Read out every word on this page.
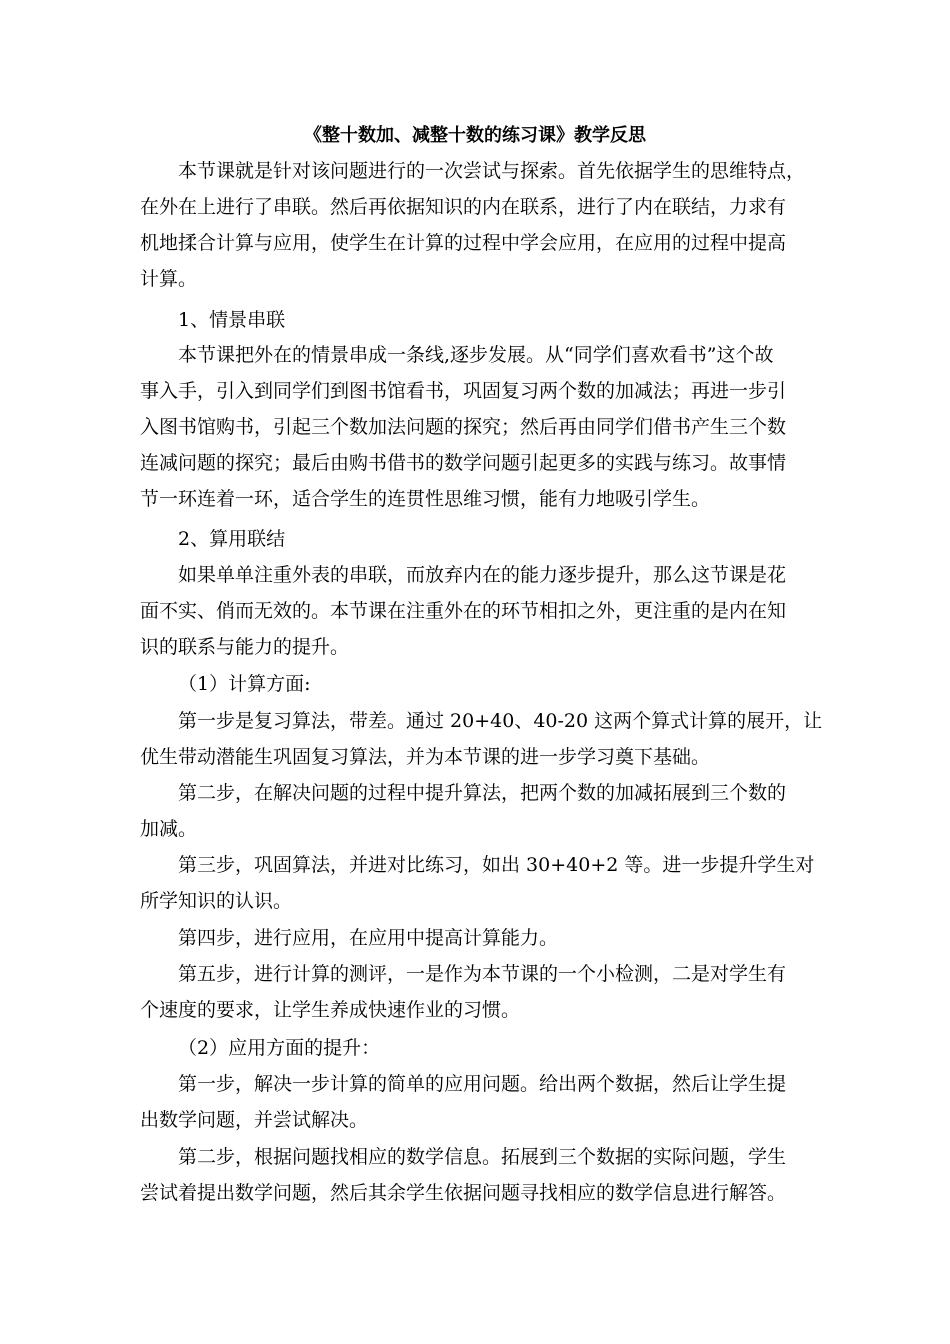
《整十数加、减整十数的练习课》教学反思
本节课就是针对该问题进行的一次尝试与探索。首先依据学生的思维特点，
在外在上进行了串联。然后再依据知识的内在联系，进行了内在联结，力求有
机地揉合计算与应用，使学生在计算的过程中学会应用，在应用的过程中提高
计算。
1、情景串联
本节课把外在的情景串成一条线,逐步发展。从“同学们喜欢看书”这个故
事入手，引入到同学们到图书馆看书，巩固复习两个数的加减法；再进一步引
入图书馆购书，引起三个数加法问题的探究；然后再由同学们借书产生三个数
连减问题的探究；最后由购书借书的数学问题引起更多的实践与练习。故事情
节一环连着一环，适合学生的连贯性思维习惯，能有力地吸引学生。
2、算用联结
如果单单注重外表的串联，而放弃内在的能力逐步提升，那么这节课是花
面不实、俏而无效的。本节课在注重外在的环节相扣之外，更注重的是内在知
识的联系与能力的提升。
（1）计算方面:
第一步是复习算法，带差。通过 20+40、40-20 这两个算式计算的展开，让
优生带动潜能生巩固复习算法，并为本节课的进一步学习奠下基础。
第二步，在解决问题的过程中提升算法，把两个数的加减拓展到三个数的
加减。
第三步，巩固算法，并进对比练习，如出 30+40+2 等。进一步提升学生对
所学知识的认识。
第四步，进行应用，在应用中提高计算能力。
第五步，进行计算的测评，一是作为本节课的一个小检测，二是对学生有
个速度的要求，让学生养成快速作业的习惯。
（2）应用方面的提升：
第一步，解决一步计算的简单的应用问题。给出两个数据，然后让学生提
出数学问题，并尝试解决。
第二步，根据问题找相应的数学信息。拓展到三个数据的实际问题，学生
尝试着提出数学问题，然后其余学生依据问题寻找相应的数学信息进行解答。
